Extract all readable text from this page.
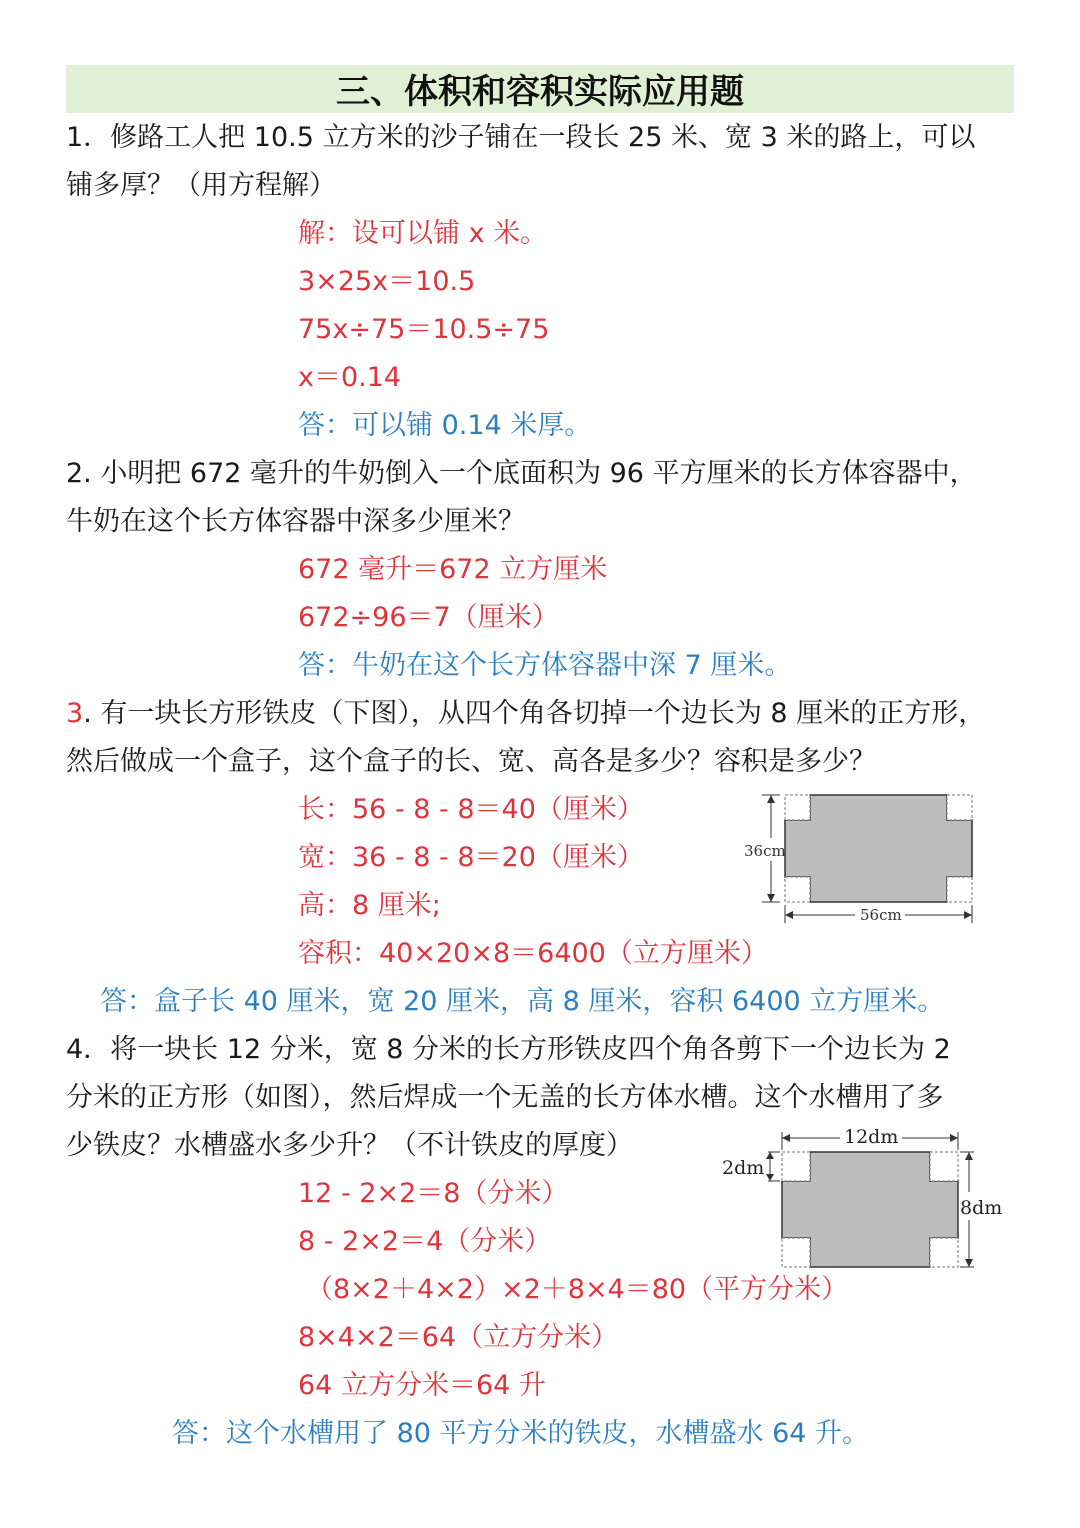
三、体积和容积实际应用题
1．修路工人把 10.5 立方米的沙子铺在一段长 25 米、宽 3 米的路上，可以
铺多厚？（用方程解）
解：设可以铺 x 米。
3×25x＝10.5
75x÷75＝10.5÷75
x＝0.14
答：可以铺 0.14 米厚。
2. 小明把 672 毫升的牛奶倒入一个底面积为 96 平方厘米的长方体容器中，
牛奶在这个长方体容器中深多少厘米？
672 毫升＝672 立方厘米
672÷96＝7（厘米）
答：牛奶在这个长方体容器中深 7 厘米。
3. 有一块长方形铁皮（下图），从四个角各切掉一个边长为 8 厘米的正方形，
然后做成一个盒子，这个盒子的长、宽、高各是多少？容积是多少？
长：56 - 8 - 8＝40（厘米）
宽：36 - 8 - 8＝20（厘米）
高：8 厘米;
容积：40×20×8＝6400（立方厘米）
答：盒子长 40 厘米，宽 20 厘米，高 8 厘米，容积 6400 立方厘米。
36cm
56cm
4．将一块长 12 分米，宽 8 分米的长方形铁皮四个角各剪下一个边长为 2
分米的正方形（如图），然后焊成一个无盖的长方体水槽。这个水槽用了多
少铁皮？水槽盛水多少升？（不计铁皮的厚度）
12 - 2×2＝8（分米）
8 - 2×2＝4（分米）
（8×2＋4×2）×2＋8×4＝80（平方分米）
8×4×2＝64（立方分米）
64 立方分米＝64 升
答：这个水槽用了 80 平方分米的铁皮，水槽盛水 64 升。
12dm
2dm
8dm
